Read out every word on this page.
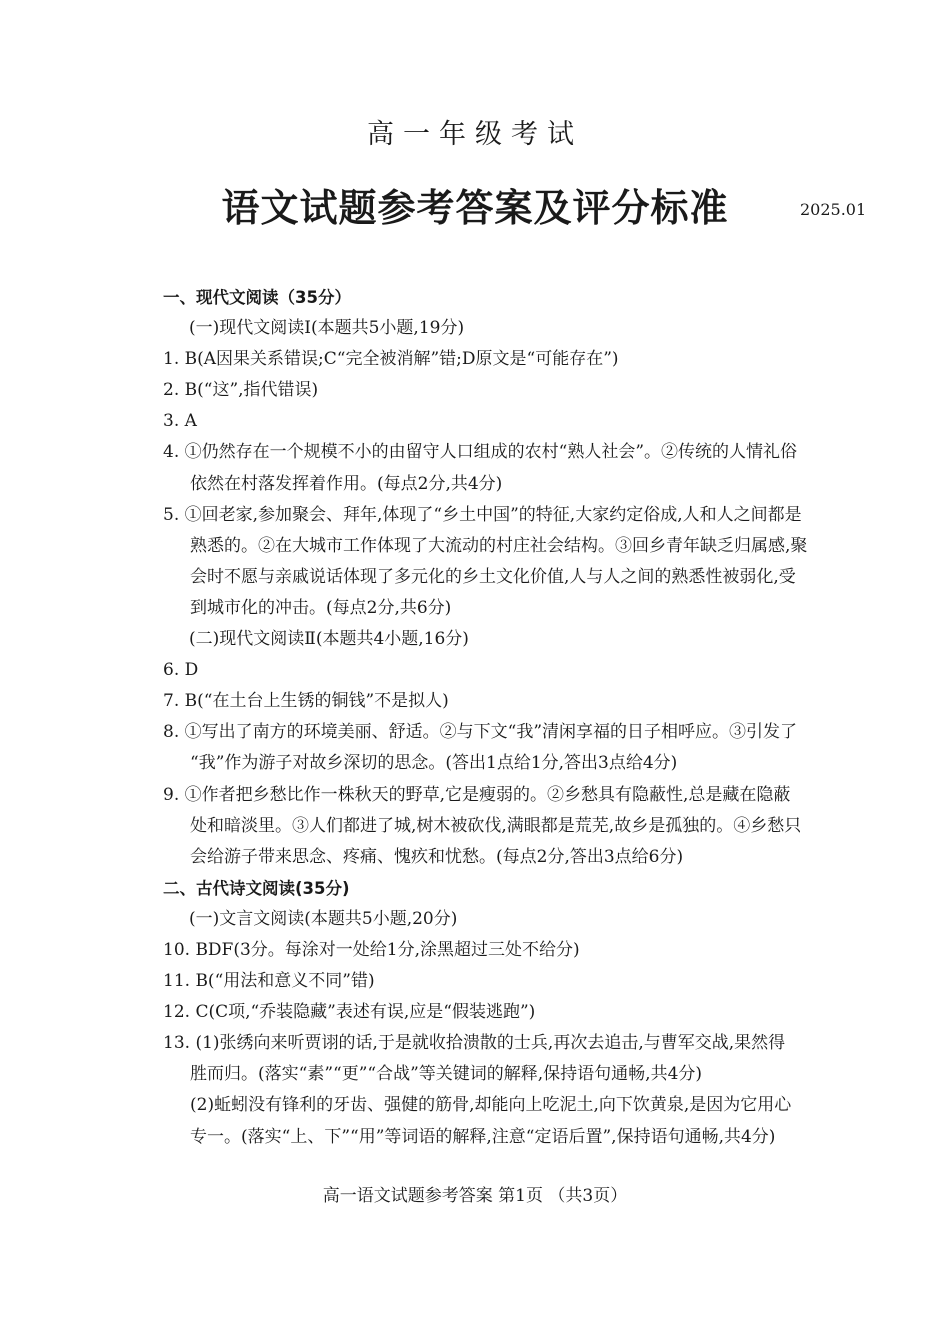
高一年级考试
语文试题参考答案及评分标准	2025.01
一、现代文阅读（35分）
(一)现代文阅读Ⅰ(本题共5小题,19分)
1. B(A因果关系错误;C“完全被消解”错;D原文是“可能存在”)
2. B(“这”,指代错误)
3. A
4. ①仍然存在一个规模不小的由留守人口组成的农村“熟人社会”。②传统的人情礼俗
依然在村落发挥着作用。(每点2分,共4分)
5. ①回老家,参加聚会、拜年,体现了“乡土中国”的特征,大家约定俗成,人和人之间都是
熟悉的。②在大城市工作体现了大流动的村庄社会结构。③回乡青年缺乏归属感,聚
会时不愿与亲戚说话体现了多元化的乡土文化价值,人与人之间的熟悉性被弱化,受
到城市化的冲击。(每点2分,共6分)
(二)现代文阅读Ⅱ(本题共4小题,16分)
6. D
7. B(“在土台上生锈的铜钱”不是拟人)
8. ①写出了南方的环境美丽、舒适。②与下文“我”清闲享福的日子相呼应。③引发了
“我”作为游子对故乡深切的思念。(答出1点给1分,答出3点给4分)
9. ①作者把乡愁比作一株秋天的野草,它是瘦弱的。②乡愁具有隐蔽性,总是藏在隐蔽
处和暗淡里。③人们都进了城,树木被砍伐,满眼都是荒芜,故乡是孤独的。④乡愁只
会给游子带来思念、疼痛、愧疚和忧愁。(每点2分,答出3点给6分)
二、古代诗文阅读(35分)
(一)文言文阅读(本题共5小题,20分)
10. BDF(3分。每涂对一处给1分,涂黑超过三处不给分)
11. B(“用法和意义不同”错)
12. C(C项,“乔装隐藏”表述有误,应是“假装逃跑”)
13. (1)张绣向来听贾诩的话,于是就收拾溃散的士兵,再次去追击,与曹军交战,果然得
胜而归。(落实“素”“更”“合战”等关键词的解释,保持语句通畅,共4分)
(2)蚯蚓没有锋利的牙齿、强健的筋骨,却能向上吃泥土,向下饮黄泉,是因为它用心
专一。(落实“上、下”“用”等词语的解释,注意“定语后置”,保持语句通畅,共4分)
高一语文试题参考答案 第1页 （共3页）
